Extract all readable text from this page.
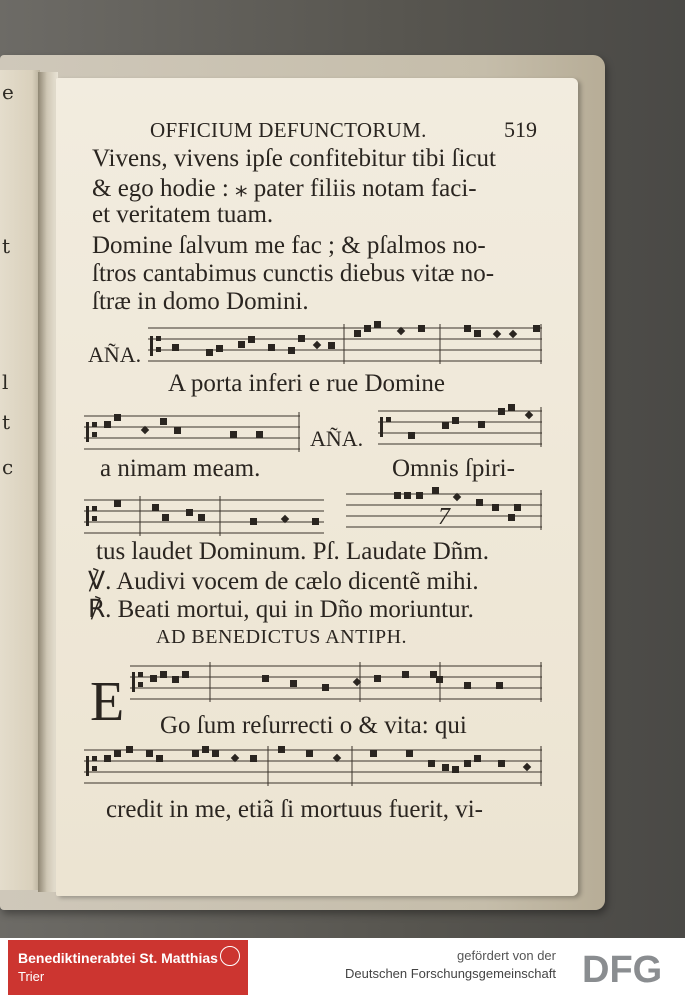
e
t
l
t
c
OFFICIUM DEFUNCTORUM.	519
Vivens, vivens ipſe confitebitur tibi ſicut
& ego hodie : ⁎ pater filiis notam faci-
et veritatem tuam.
Domine ſalvum me fac ; & pſalmos no-
ſtros cantabimus cunctis diebus vitæ no-
ſtræ in domo Domini.
AÑA.
A porta inferi e rue Domine
AÑA.
a nimam meam.	Omnis ſpiri-
7
tus laudet Dominum. Pſ. Laudate Dñm.
℣. Audivi vocem de cælo dicentẽ mihi.
℟. Beati mortui, qui in Dño moriuntur.
AD BENEDICTUS ANTIPH.
E Go ſum reſurrecti o & vita: qui
credit in me, etiã ſi mortuus fuerit, vi-
Benediktinerabtei St. Matthias
Trier
gefördert von der
Deutschen Forschungsgemeinschaft DFG
